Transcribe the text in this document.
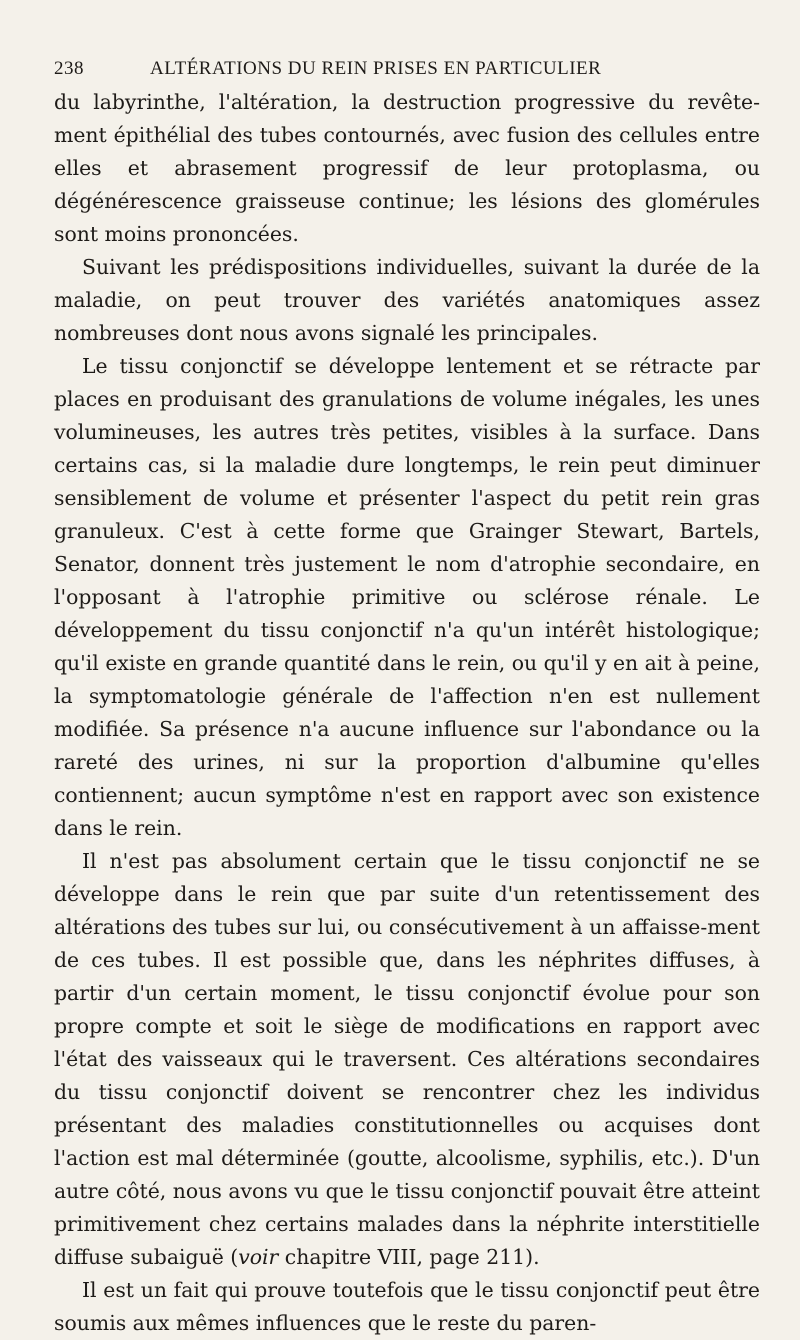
238	ALTÉRATIONS DU REIN PRISES EN PARTICULIER

du labyrinthe, l'altération, la destruction progressive du revête-ment épithélial des tubes contournés, avec fusion des cellules entre elles et abrasement progressif de leur protoplasma, ou dégénérescence graisseuse continue; les lésions des glomérules sont moins prononcées.

Suivant les prédispositions individuelles, suivant la durée de la maladie, on peut trouver des variétés anatomiques assez nombreuses dont nous avons signalé les principales.

Le tissu conjonctif se développe lentement et se rétracte par places en produisant des granulations de volume inégales, les unes volumineuses, les autres très petites, visibles à la surface. Dans certains cas, si la maladie dure longtemps, le rein peut diminuer sensiblement de volume et présenter l'aspect du petit rein gras granuleux. C'est à cette forme que Grainger Stewart, Bartels, Senator, donnent très justement le nom d'atrophie secondaire, en l'opposant à l'atrophie primitive ou sclérose rénale. Le développement du tissu conjonctif n'a qu'un intérêt histologique; qu'il existe en grande quantité dans le rein, ou qu'il y en ait à peine, la symptomatologie générale de l'affection n'en est nullement modifiée. Sa présence n'a aucune influence sur l'abondance ou la rareté des urines, ni sur la proportion d'albumine qu'elles contiennent; aucun symptôme n'est en rapport avec son existence dans le rein.

Il n'est pas absolument certain que le tissu conjonctif ne se développe dans le rein que par suite d'un retentissement des altérations des tubes sur lui, ou consécutivement à un affaisse-ment de ces tubes. Il est possible que, dans les néphrites diffuses, à partir d'un certain moment, le tissu conjonctif évolue pour son propre compte et soit le siège de modifications en rapport avec l'état des vaisseaux qui le traversent. Ces altérations secondaires du tissu conjonctif doivent se rencontrer chez les individus présentant des maladies constitutionnelles ou acquises dont l'action est mal déterminée (goutte, alcoolisme, syphilis, etc.). D'un autre côté, nous avons vu que le tissu conjonctif pouvait être atteint primitivement chez certains malades dans la néphrite interstitielle diffuse subaiguë (voir chapitre VIII, page 211).

Il est un fait qui prouve toutefois que le tissu conjonctif peut être soumis aux mêmes influences que le reste du paren-
